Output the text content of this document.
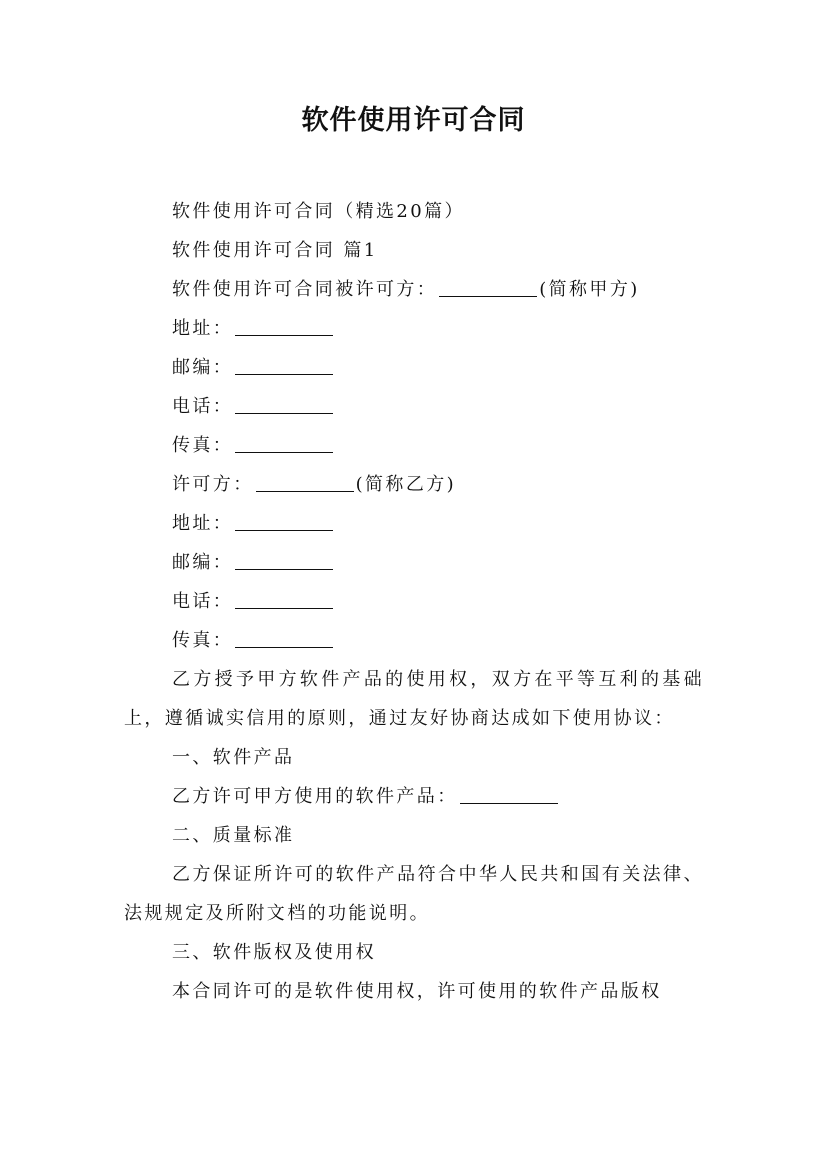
软件使用许可合同
软件使用许可合同（精选20篇）
软件使用许可合同 篇1
软件使用许可合同被许可方：	(简称甲方)
地址：
邮编：
电话：
传真：
许可方：	(简称乙方)
地址：
邮编：
电话：
传真：

乙方授予甲方软件产品的使用权，双方在平等互利的基础上，遵循诚实信用的原则，通过友好协商达成如下使用协议：

一、软件产品
乙方许可甲方使用的软件产品：
二、质量标准

乙方保证所许可的软件产品符合中华人民共和国有关法律、法规规定及所附文档的功能说明。

三、软件版权及使用权

本合同许可的是软件使用权，许可使用的软件产品版权
